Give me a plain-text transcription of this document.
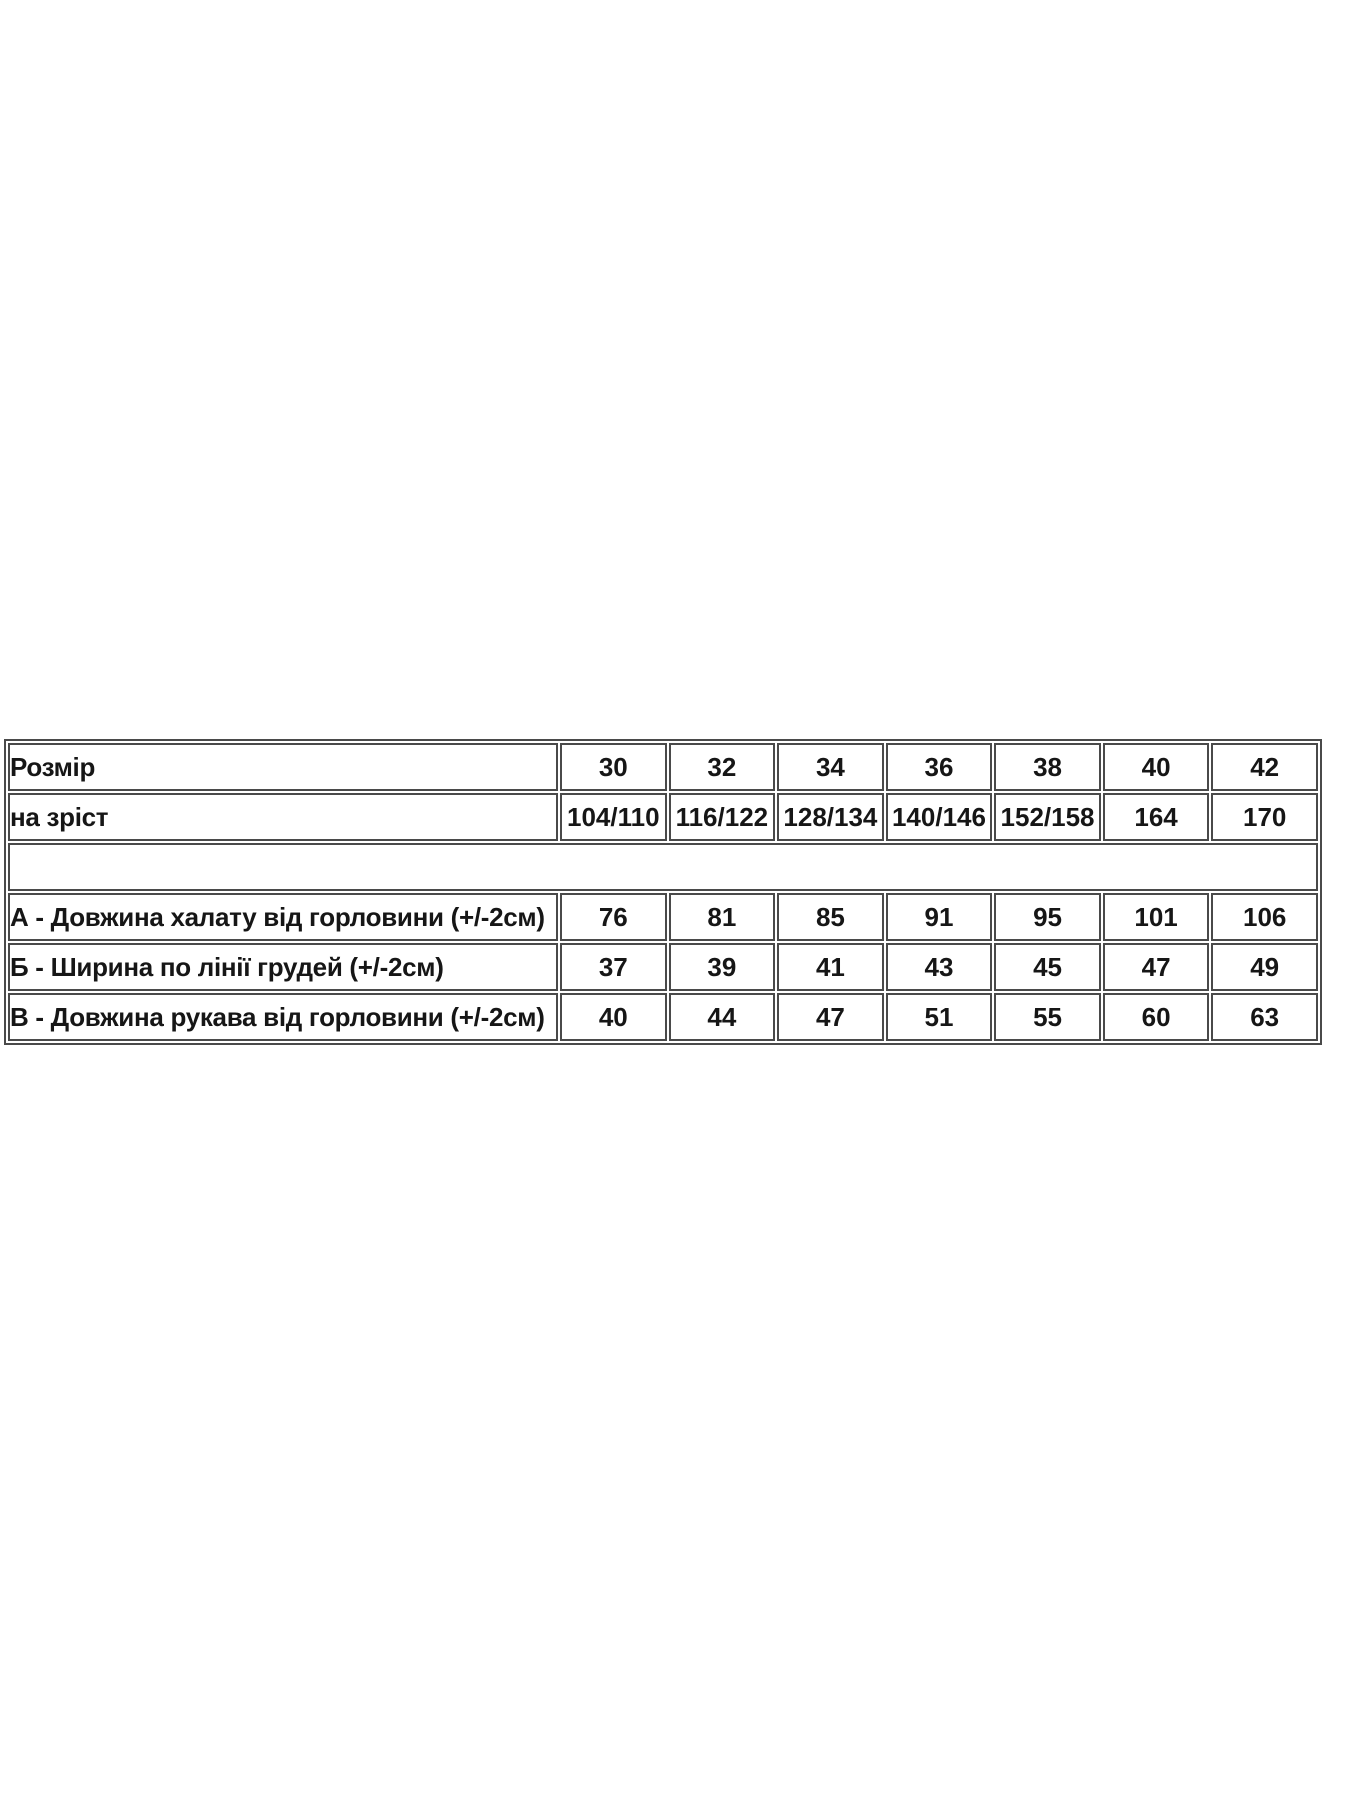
Розмір	30	32	34	36	38	40	42
на зріст	104/110	116/122	128/134	140/146	152/158	164	170

А - Довжина халату від горловини (+/-2см)	76	81	85	91	95	101	106
Б - Ширина по лінії грудей (+/-2см)	37	39	41	43	45	47	49
В - Довжина рукава від горловини (+/-2см)	40	44	47	51	55	60	63
